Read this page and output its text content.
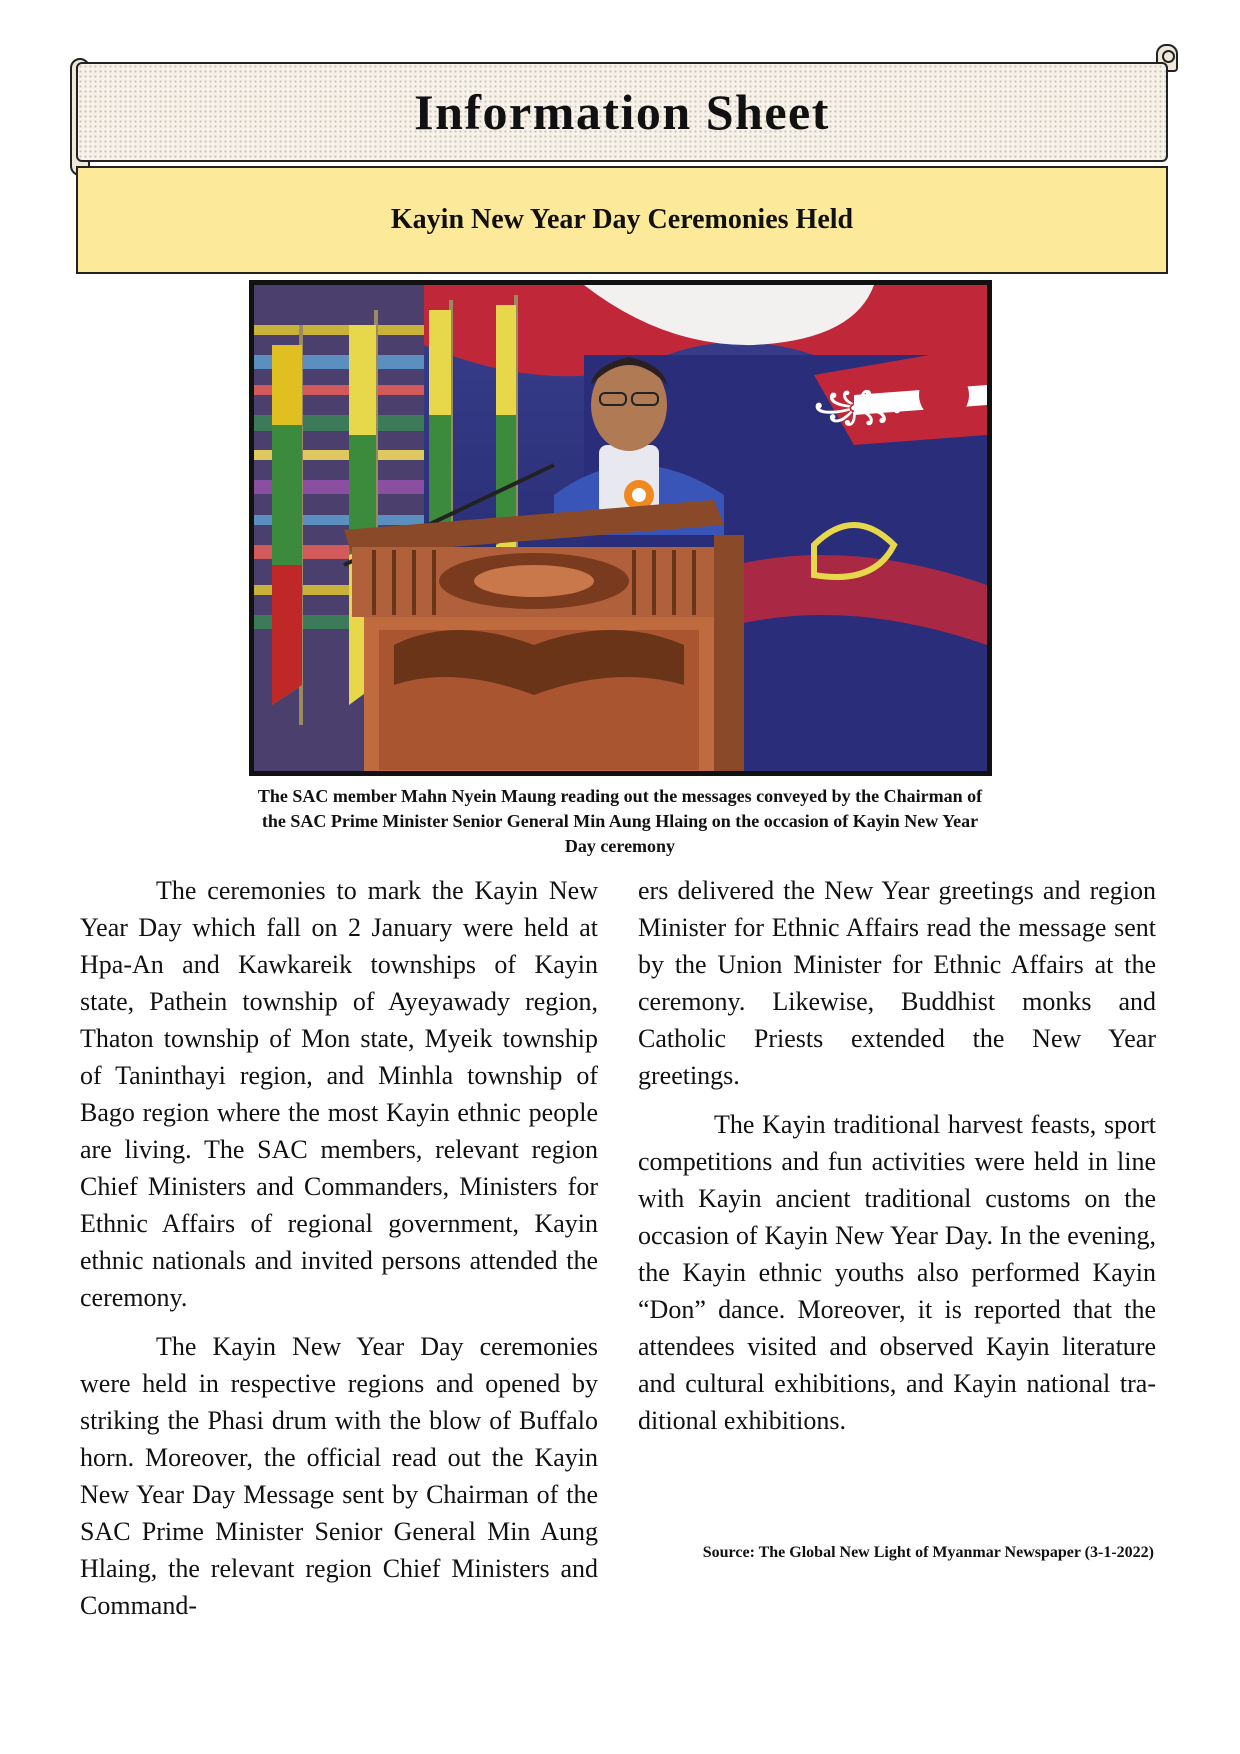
Information Sheet
Kayin New Year Day Ceremonies Held
꧁꧂
The SAC member Mahn Nyein Maung reading out the messages conveyed by the Chairman of the SAC Prime Minister Senior General Min Aung Hlaing on the occasion of Kayin New Year Day ceremony

The ceremonies to mark the Kayin New Year Day which fall on 2 January were held at Hpa-An and Kawkareik townships of Kayin state, Pathein township of Ayeyawady region, Thaton township of Mon state, Myeik township of Taninthayi region, and Minhla township of Bago region where the most Kayin ethnic people are living. The SAC members, relevant region Chief Ministers and Commanders, Ministers for Ethnic Affairs of regional government, Kayin ethnic nationals and invited persons attended the ceremony.

The Kayin New Year Day ceremonies were held in respective regions and opened by striking the Phasi drum with the blow of Buffalo horn. Moreover, the official read out the Kayin New Year Day Message sent by Chairman of the SAC Prime Minister Senior General Min Aung Hlaing, the relevant region Chief Ministers and Command-

ers delivered the New Year greetings and region Minister for Ethnic Affairs read the message sent by the Union Minister for Ethnic Affairs at the ceremony. Likewise, Buddhist monks and Catholic Priests extended the New Year greetings.

The Kayin traditional harvest feasts, sport competitions and fun activities were held in line with Kayin ancient traditional customs on the occasion of Kayin New Year Day. In the evening, the Kayin ethnic youths also performed Kayin “Don” dance. Moreover, it is reported that the attendees visited and observed Kayin literature and cultural exhibitions, and Kayin national traditional exhibitions.

Source: The Global New Light of Myanmar Newspaper (3-1-2022)
